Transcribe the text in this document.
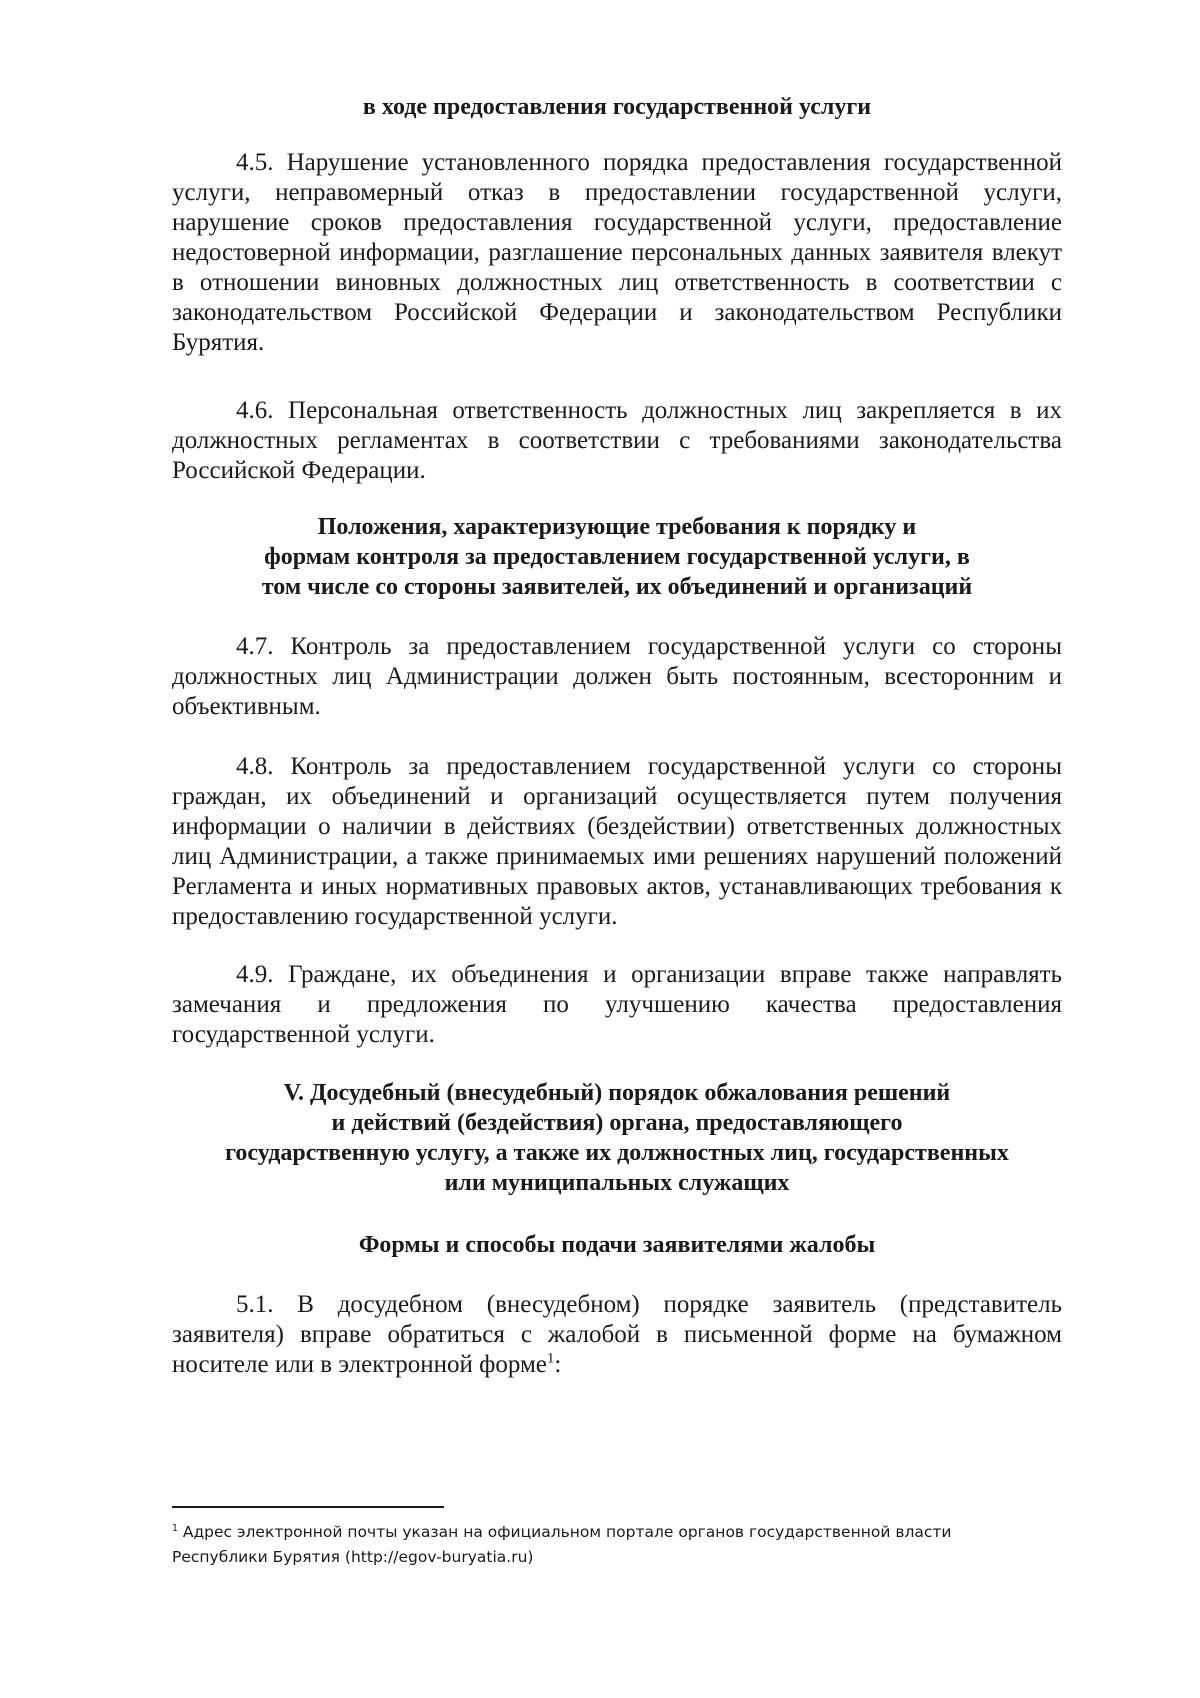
в ходе предоставления государственной услуги

4.5. Нарушение установленного порядка предоставления государственной услуги, неправомерный отказ в предоставлении государственной услуги, нарушение сроков предоставления государственной услуги, предоставление недостоверной информации, разглашение персональных данных заявителя влекут в отношении виновных должностных лиц ответственность в соответствии с законодательством Российской Федерации и законодательством Республики Бурятия.

4.6. Персональная ответственность должностных лиц закрепляется в их должностных регламентах в соответствии с требованиями законодательства Российской Федерации.

Положения, характеризующие требования к порядку и

формам контроля за предоставлением государственной услуги, в

том числе со стороны заявителей, их объединений и организаций

4.7. Контроль за предоставлением государственной услуги со стороны должностных лиц Администрации должен быть постоянным, всесторонним и объективным.

4.8. Контроль за предоставлением государственной услуги со стороны граждан, их объединений и организаций осуществляется путем получения информации о наличии в действиях (бездействии) ответственных должностных лиц Администрации, а также принимаемых ими решениях нарушений положений Регламента и иных нормативных правовых актов, устанавливающих требования к предоставлению государственной услуги.

4.9. Граждане, их объединения и организации вправе также направлять замечания и предложения по улучшению качества предоставления государственной услуги.

V. Досудебный (внесудебный) порядок обжалования решений

и действий (бездействия) органа, предоставляющего

государственную услугу, а также их должностных лиц, государственных

или муниципальных служащих

Формы и способы подачи заявителями жалобы

5.1. В досудебном (внесудебном) порядке заявитель (представитель заявителя) вправе обратиться с жалобой в письменной форме на бумажном носителе или в электронной форме$^1$:

$^1$ Адрес электронной почты указан на официальном портале органов государственной власти Республики Бурятия (http://egov-buryatia.ru)
